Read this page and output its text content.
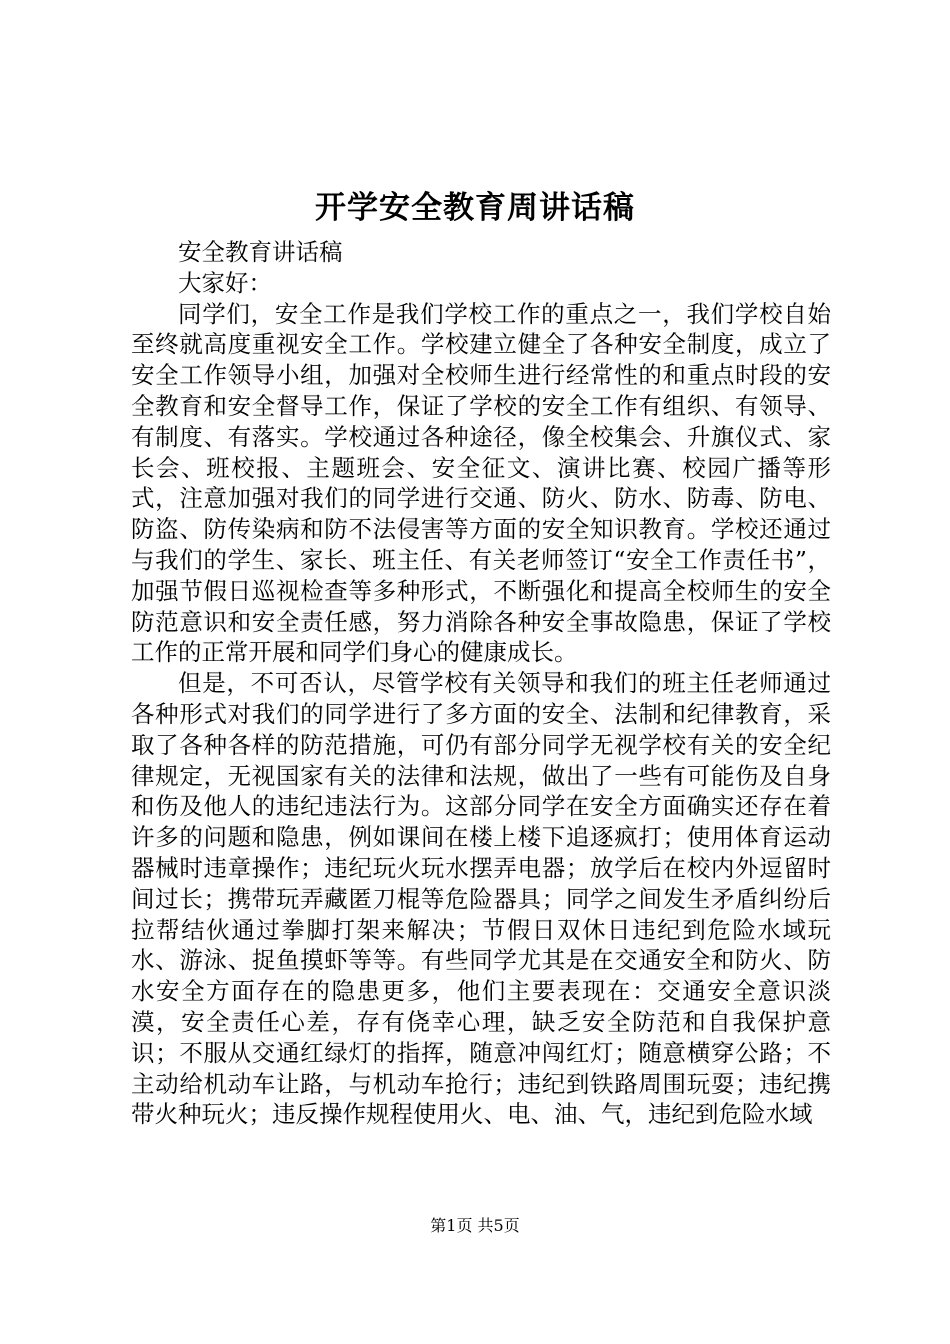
开学安全教育周讲话稿

安全教育讲话稿

大家好：

同学们，安全工作是我们学校工作的重点之一，我们学校自始至终就高度重视安全工作。学校建立健全了各种安全制度，成立了安全工作领导小组，加强对全校师生进行经常性的和重点时段的安全教育和安全督导工作，保证了学校的安全工作有组织、有领导、有制度、有落实。学校通过各种途径，像全校集会、升旗仪式、家长会、班校报、主题班会、安全征文、演讲比赛、校园广播等形式，注意加强对我们的同学进行交通、防火、防水、防毒、防电、防盗、防传染病和防不法侵害等方面的安全知识教育。学校还通过与我们的学生、家长、班主任、有关老师签订“安全工作责任书”，加强节假日巡视检查等多种形式，不断强化和提高全校师生的安全防范意识和安全责任感，努力消除各种安全事故隐患，保证了学校工作的正常开展和同学们身心的健康成长。

但是，不可否认，尽管学校有关领导和我们的班主任老师通过各种形式对我们的同学进行了多方面的安全、法制和纪律教育，采取了各种各样的防范措施，可仍有部分同学无视学校有关的安全纪律规定，无视国家有关的法律和法规，做出了一些有可能伤及自身和伤及他人的违纪违法行为。这部分同学在安全方面确实还存在着许多的问题和隐患，例如课间在楼上楼下追逐疯打；使用体育运动器械时违章操作；违纪玩火玩水摆弄电器；放学后在校内外逗留时间过长；携带玩弄藏匿刀棍等危险器具；同学之间发生矛盾纠纷后拉帮结伙通过拳脚打架来解决；节假日双休日违纪到危险水域玩水、游泳、捉鱼摸虾等等。有些同学尤其是在交通安全和防火、防水安全方面存在的隐患更多，他们主要表现在：交通安全意识淡漠，安全责任心差，存有侥幸心理，缺乏安全防范和自我保护意识；不服从交通红绿灯的指挥，随意冲闯红灯；随意横穿公路；不主动给机动车让路，与机动车抢行；违纪到铁路周围玩耍；违纪携带火种玩火；违反操作规程使用火、电、油、气，违纪到危险水域

第1页 共5页
